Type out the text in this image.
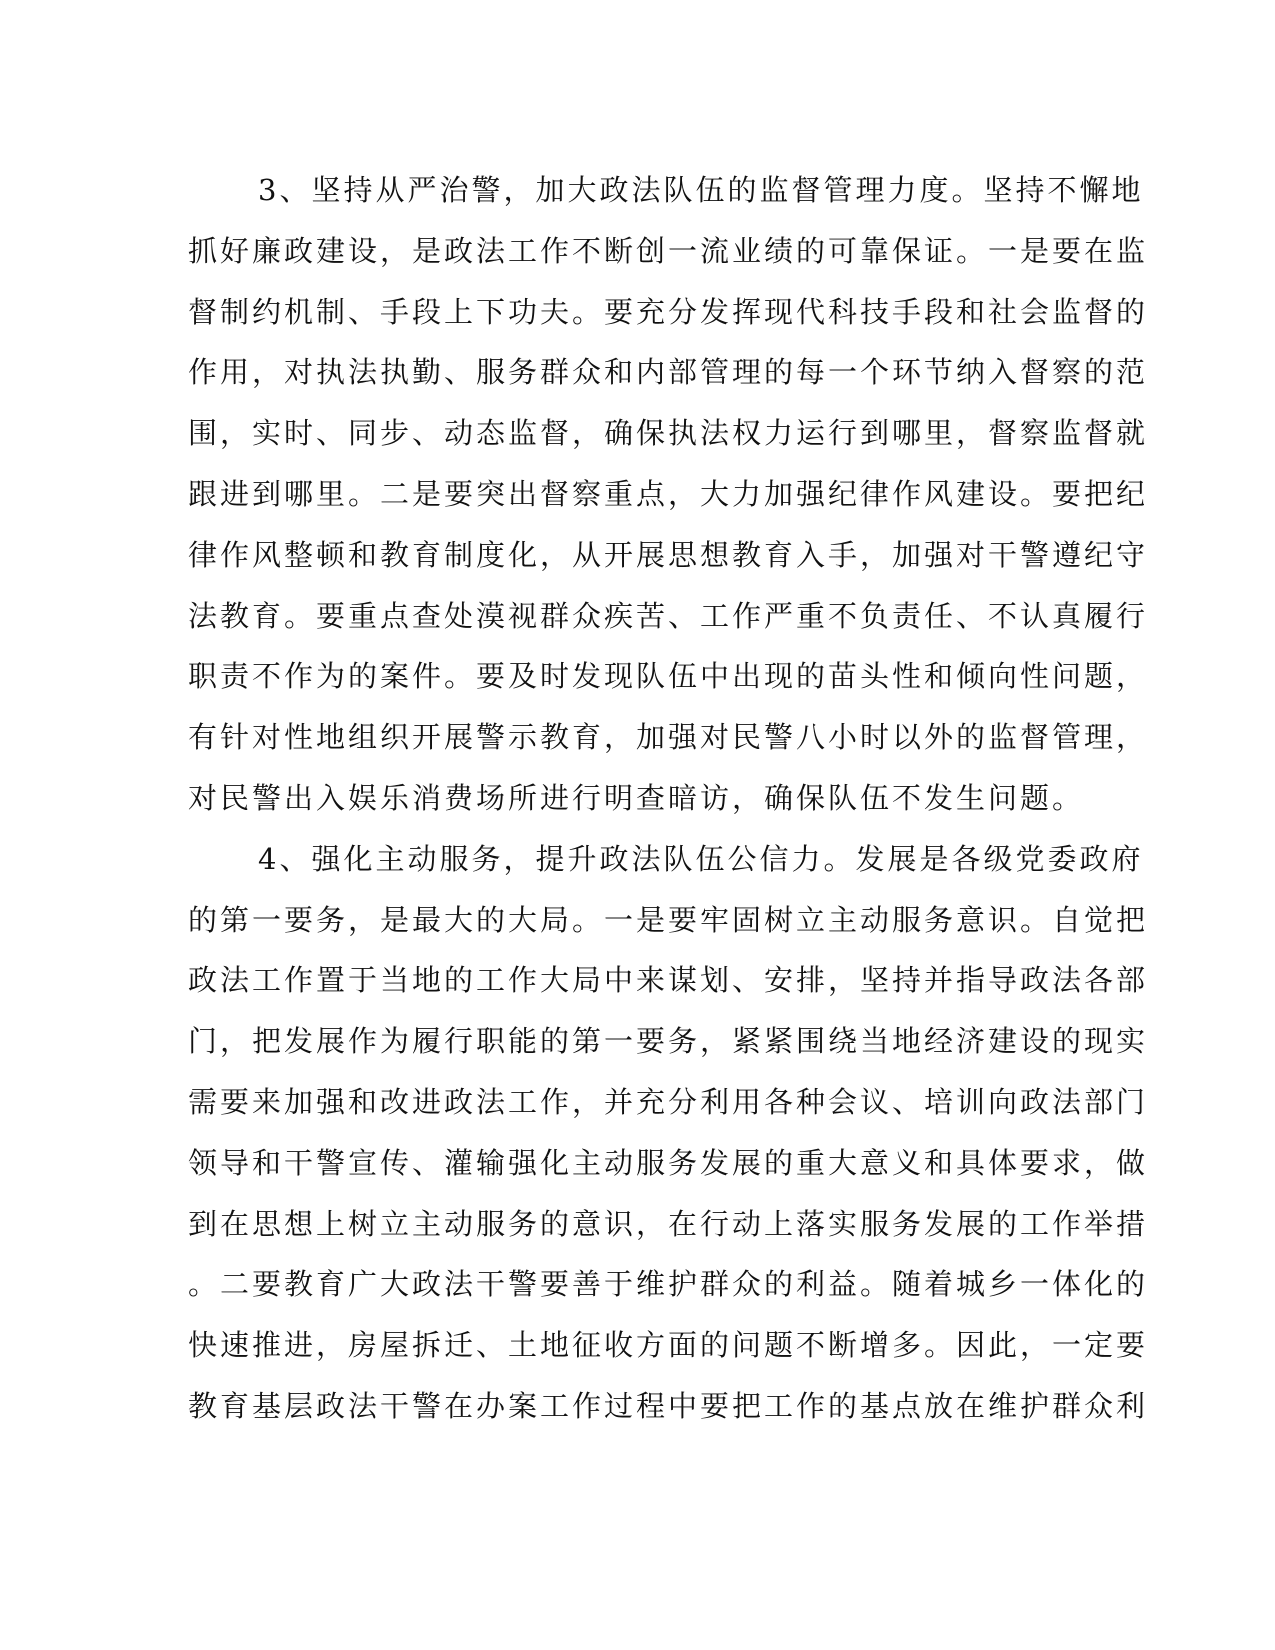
3、坚持从严治警，加大政法队伍的监督管理力度。坚持不懈地
抓好廉政建设，是政法工作不断创一流业绩的可靠保证。一是要在监
督制约机制、手段上下功夫。要充分发挥现代科技手段和社会监督的
作用，对执法执勤、服务群众和内部管理的每一个环节纳入督察的范
围，实时、同步、动态监督，确保执法权力运行到哪里，督察监督就
跟进到哪里。二是要突出督察重点，大力加强纪律作风建设。要把纪
律作风整顿和教育制度化，从开展思想教育入手，加强对干警遵纪守
法教育。要重点查处漠视群众疾苦、工作严重不负责任、不认真履行
职责不作为的案件。要及时发现队伍中出现的苗头性和倾向性问题，
有针对性地组织开展警示教育，加强对民警八小时以外的监督管理，
对民警出入娱乐消费场所进行明查暗访，确保队伍不发生问题。
4、强化主动服务，提升政法队伍公信力。发展是各级党委政府
的第一要务，是最大的大局。一是要牢固树立主动服务意识。自觉把
政法工作置于当地的工作大局中来谋划、安排，坚持并指导政法各部
门，把发展作为履行职能的第一要务，紧紧围绕当地经济建设的现实
需要来加强和改进政法工作，并充分利用各种会议、培训向政法部门
领导和干警宣传、灌输强化主动服务发展的重大意义和具体要求，做
到在思想上树立主动服务的意识，在行动上落实服务发展的工作举措
。二要教育广大政法干警要善于维护群众的利益。随着城乡一体化的
快速推进，房屋拆迁、土地征收方面的问题不断增多。因此，一定要
教育基层政法干警在办案工作过程中要把工作的基点放在维护群众利
